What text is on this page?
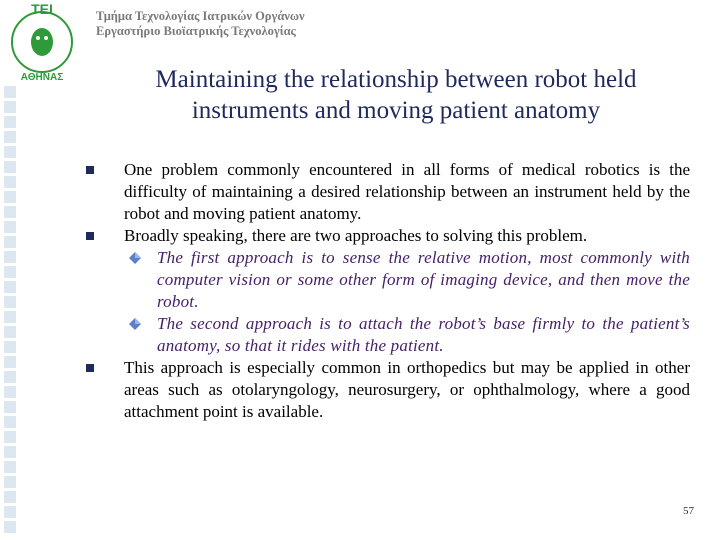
ΤΕΙ
ΑΘΗΝΑΣ
Τμήμα Τεχνολογίας Ιατρικών Οργάνων
Εργαστήριο Βιοϊατρικής Τεχνολογίας
Maintaining the relationship between robot held instruments and moving patient anatomy
One problem commonly encountered in all forms of medical robotics is the difficulty of maintaining a desired relationship between an instrument held by the robot and moving patient anatomy.
Broadly speaking, there are two approaches to solving this problem.
The first approach is to sense the relative motion, most commonly with computer vision or some other form of imaging device, and then move the robot.
The second approach is to attach the robot’s base firmly to the patient’s anatomy, so that it rides with the patient.
This approach is especially common in orthopedics but may be applied in other areas such as otolaryngology, neurosurgery, or ophthalmology, where a good attachment point is available.
57
